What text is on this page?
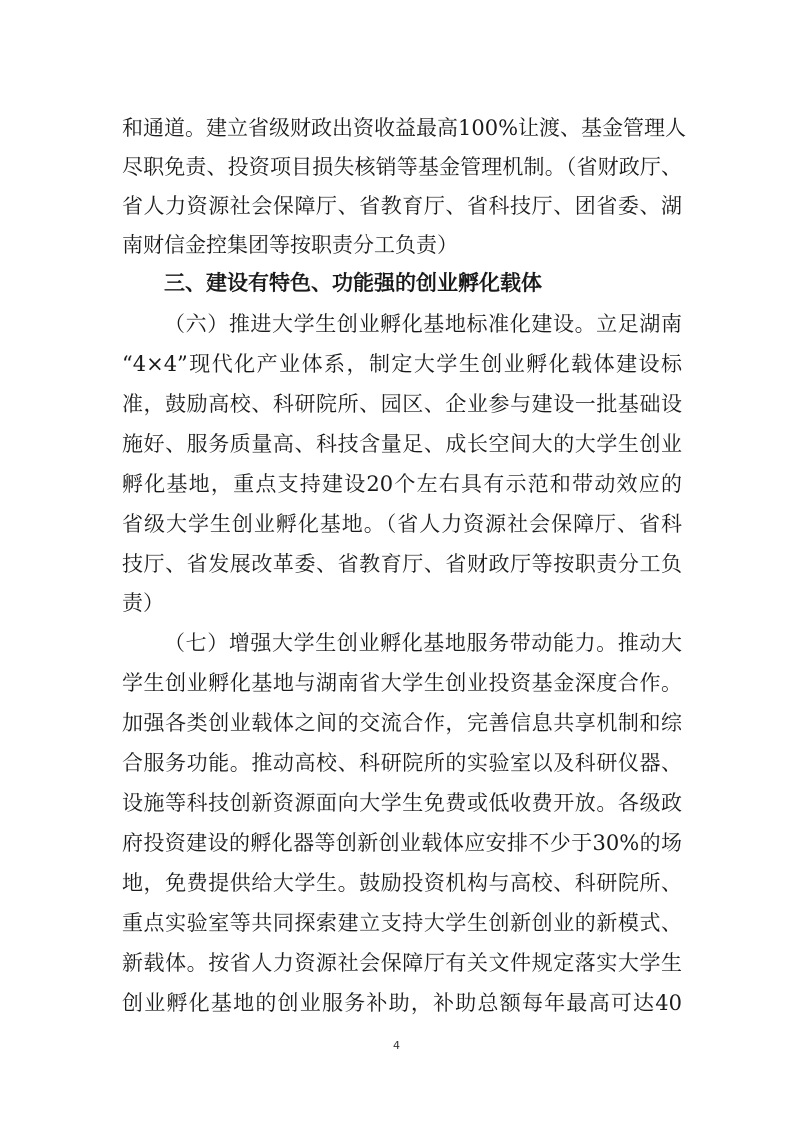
和通道。建立省级财政出资收益最高100%让渡、基金管理人
尽职免责、投资项目损失核销等基金管理机制。（省财政厅、
省人力资源社会保障厅、省教育厅、省科技厅、团省委、湖
南财信金控集团等按职责分工负责）
三、建设有特色、功能强的创业孵化载体
（六）推进大学生创业孵化基地标准化建设。立足湖南
“4×4”现代化产业体系，制定大学生创业孵化载体建设标
准，鼓励高校、科研院所、园区、企业参与建设一批基础设
施好、服务质量高、科技含量足、成长空间大的大学生创业
孵化基地，重点支持建设20个左右具有示范和带动效应的
省级大学生创业孵化基地。（省人力资源社会保障厅、省科
技厅、省发展改革委、省教育厅、省财政厅等按职责分工负
责）
（七）增强大学生创业孵化基地服务带动能力。推动大
学生创业孵化基地与湖南省大学生创业投资基金深度合作。
加强各类创业载体之间的交流合作，完善信息共享机制和综
合服务功能。推动高校、科研院所的实验室以及科研仪器、
设施等科技创新资源面向大学生免费或低收费开放。各级政
府投资建设的孵化器等创新创业载体应安排不少于30%的场
地，免费提供给大学生。鼓励投资机构与高校、科研院所、
重点实验室等共同探索建立支持大学生创新创业的新模式、
新载体。按省人力资源社会保障厅有关文件规定落实大学生
创业孵化基地的创业服务补助，补助总额每年最高可达40
4
